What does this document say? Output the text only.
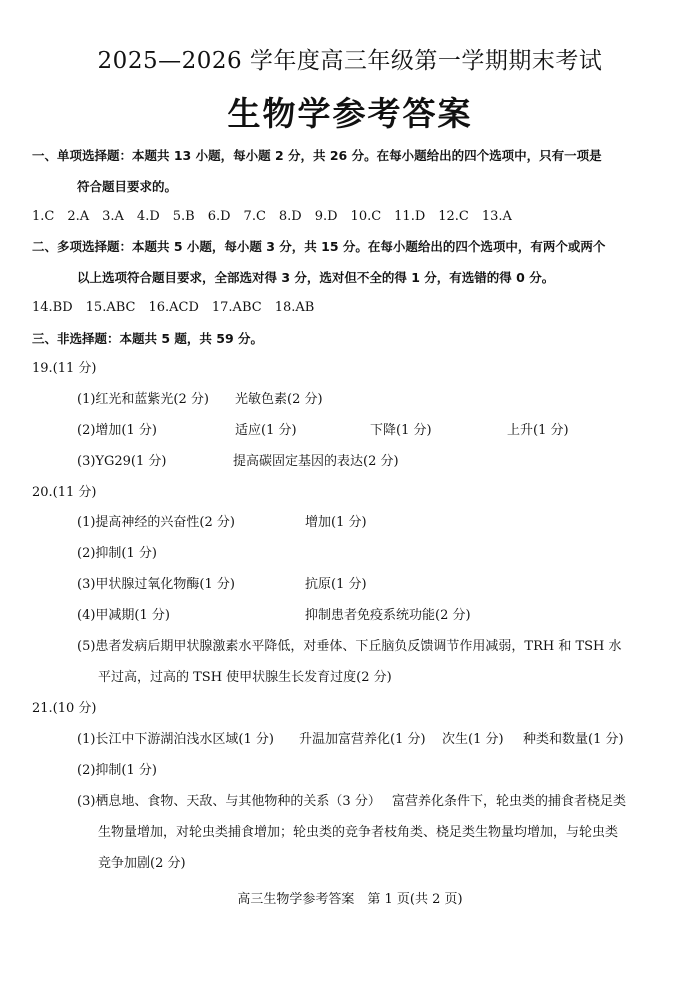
2025—2026 学年度高三年级第一学期期末考试
生物学参考答案
一、单项选择题：本题共 13 小题，每小题 2 分，共 26 分。在每小题给出的四个选项中，只有一项是
符合题目要求的。
1.C　2.A　3.A　4.D　5.B　6.D　7.C　8.D　9.D　10.C　11.D　12.C　13.A
二、多项选择题：本题共 5 小题，每小题 3 分，共 15 分。在每小题给出的四个选项中，有两个或两个
以上选项符合题目要求，全部选对得 3 分，选对但不全的得 1 分，有选错的得 0 分。
14.BD　15.ABC　16.ACD　17.ABC　18.AB
三、非选择题：本题共 5 题，共 59 分。
19.(11 分)
(1)红光和蓝紫光(2 分) 光敏色素(2 分)
(2)增加(1 分)	适应(1 分)	下降(1 分)	上升(1 分)
(3)YG29(1 分)	提高碳固定基因的表达(2 分)
20.(11 分)
(1)提高神经的兴奋性(2 分)	增加(1 分)
(2)抑制(1 分)
(3)甲状腺过氧化物酶(1 分)	抗原(1 分)
(4)甲减期(1 分)	抑制患者免疫系统功能(2 分)
(5)患者发病后期甲状腺激素水平降低，对垂体、下丘脑负反馈调节作用减弱，TRH 和 TSH 水
平过高，过高的 TSH 使甲状腺生长发育过度(2 分)
21.(10 分)
(1)长江中下游湖泊浅水区域(1 分) 升温加富营养化(1 分) 次生(1 分) 种类和数量(1 分)
(2)抑制(1 分)
(3)栖息地、食物、天敌、与其他物种的关系（3 分） 富营养化条件下，轮虫类的捕食者桡足类
生物量增加，对轮虫类捕食增加；轮虫类的竞争者枝角类、桡足类生物量均增加，与轮虫类
竞争加剧(2 分)
高三生物学参考答案　第 1 页(共 2 页)
